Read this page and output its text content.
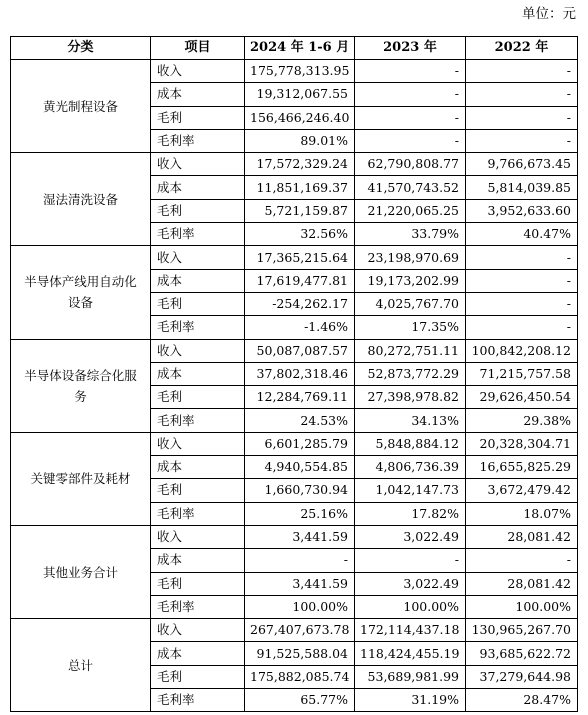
单位：元
分类	项目	2024 年 1-6 月	2023 年	2022 年
黄光制程设备	收入	175,778,313.95	-	-
	成本	19,312,067.55	-	-
	毛利	156,466,246.40	-	-
	毛利率	89.01%	-	-
湿法清洗设备	收入	17,572,329.24	62,790,808.77	9,766,673.45
	成本	11,851,169.37	41,570,743.52	5,814,039.85
	毛利	5,721,159.87	21,220,065.25	3,952,633.60
	毛利率	32.56%	33.79%	40.47%
半导体产线用自动化设备	收入	17,365,215.64	23,198,970.69	-
	成本	17,619,477.81	19,173,202.99	-
	毛利	-254,262.17	4,025,767.70	-
	毛利率	-1.46%	17.35%	-
半导体设备综合化服务	收入	50,087,087.57	80,272,751.11	100,842,208.12
	成本	37,802,318.46	52,873,772.29	71,215,757.58
	毛利	12,284,769.11	27,398,978.82	29,626,450.54
	毛利率	24.53%	34.13%	29.38%
关键零部件及耗材	收入	6,601,285.79	5,848,884.12	20,328,304.71
	成本	4,940,554.85	4,806,736.39	16,655,825.29
	毛利	1,660,730.94	1,042,147.73	3,672,479.42
	毛利率	25.16%	17.82%	18.07%
其他业务合计	收入	3,441.59	3,022.49	28,081.42
	成本	-	-	-
	毛利	3,441.59	3,022.49	28,081.42
	毛利率	100.00%	100.00%	100.00%
总计	收入	267,407,673.78	172,114,437.18	130,965,267.70
	成本	91,525,588.04	118,424,455.19	93,685,622.72
	毛利	175,882,085.74	53,689,981.99	37,279,644.98
	毛利率	65.77%	31.19%	28.47%
